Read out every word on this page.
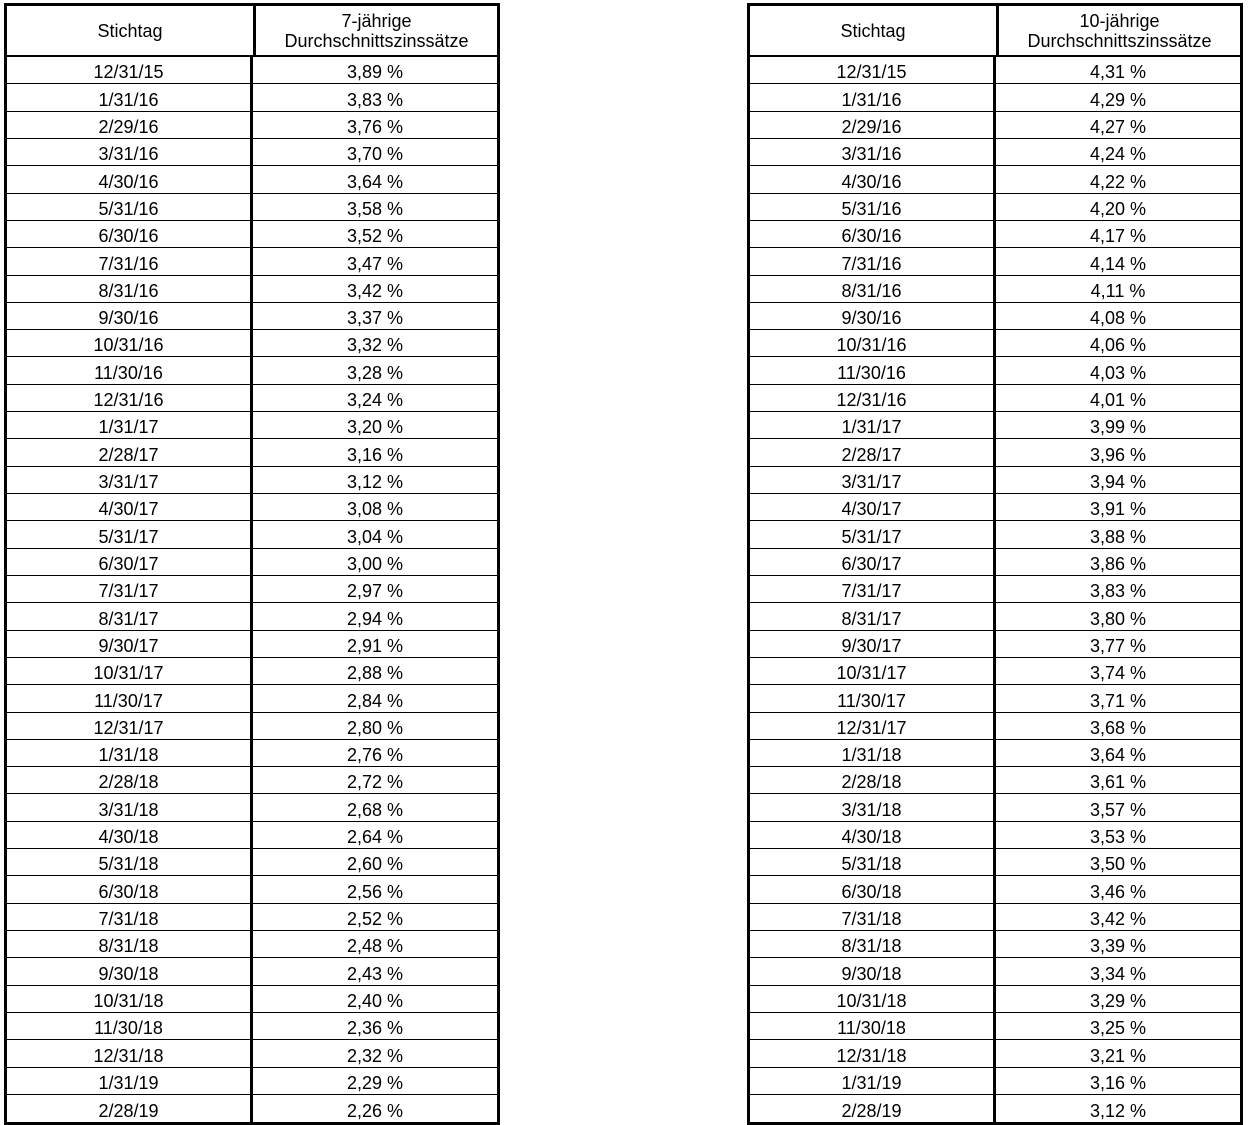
Stichtag	7-jährige
Durchschnittszinssätze
12/31/15	3,89 %
1/31/16	3,83 %
2/29/16	3,76 %
3/31/16	3,70 %
4/30/16	3,64 %
5/31/16	3,58 %
6/30/16	3,52 %
7/31/16	3,47 %
8/31/16	3,42 %
9/30/16	3,37 %
10/31/16	3,32 %
11/30/16	3,28 %
12/31/16	3,24 %
1/31/17	3,20 %
2/28/17	3,16 %
3/31/17	3,12 %
4/30/17	3,08 %
5/31/17	3,04 %
6/30/17	3,00 %
7/31/17	2,97 %
8/31/17	2,94 %
9/30/17	2,91 %
10/31/17	2,88 %
11/30/17	2,84 %
12/31/17	2,80 %
1/31/18	2,76 %
2/28/18	2,72 %
3/31/18	2,68 %
4/30/18	2,64 %
5/31/18	2,60 %
6/30/18	2,56 %
7/31/18	2,52 %
8/31/18	2,48 %
9/30/18	2,43 %
10/31/18	2,40 %
11/30/18	2,36 %
12/31/18	2,32 %
1/31/19	2,29 %
2/28/19	2,26 %
Stichtag	10-jährige
Durchschnittszinssätze
12/31/15	4,31 %
1/31/16	4,29 %
2/29/16	4,27 %
3/31/16	4,24 %
4/30/16	4,22 %
5/31/16	4,20 %
6/30/16	4,17 %
7/31/16	4,14 %
8/31/16	4,11 %
9/30/16	4,08 %
10/31/16	4,06 %
11/30/16	4,03 %
12/31/16	4,01 %
1/31/17	3,99 %
2/28/17	3,96 %
3/31/17	3,94 %
4/30/17	3,91 %
5/31/17	3,88 %
6/30/17	3,86 %
7/31/17	3,83 %
8/31/17	3,80 %
9/30/17	3,77 %
10/31/17	3,74 %
11/30/17	3,71 %
12/31/17	3,68 %
1/31/18	3,64 %
2/28/18	3,61 %
3/31/18	3,57 %
4/30/18	3,53 %
5/31/18	3,50 %
6/30/18	3,46 %
7/31/18	3,42 %
8/31/18	3,39 %
9/30/18	3,34 %
10/31/18	3,29 %
11/30/18	3,25 %
12/31/18	3,21 %
1/31/19	3,16 %
2/28/19	3,12 %
